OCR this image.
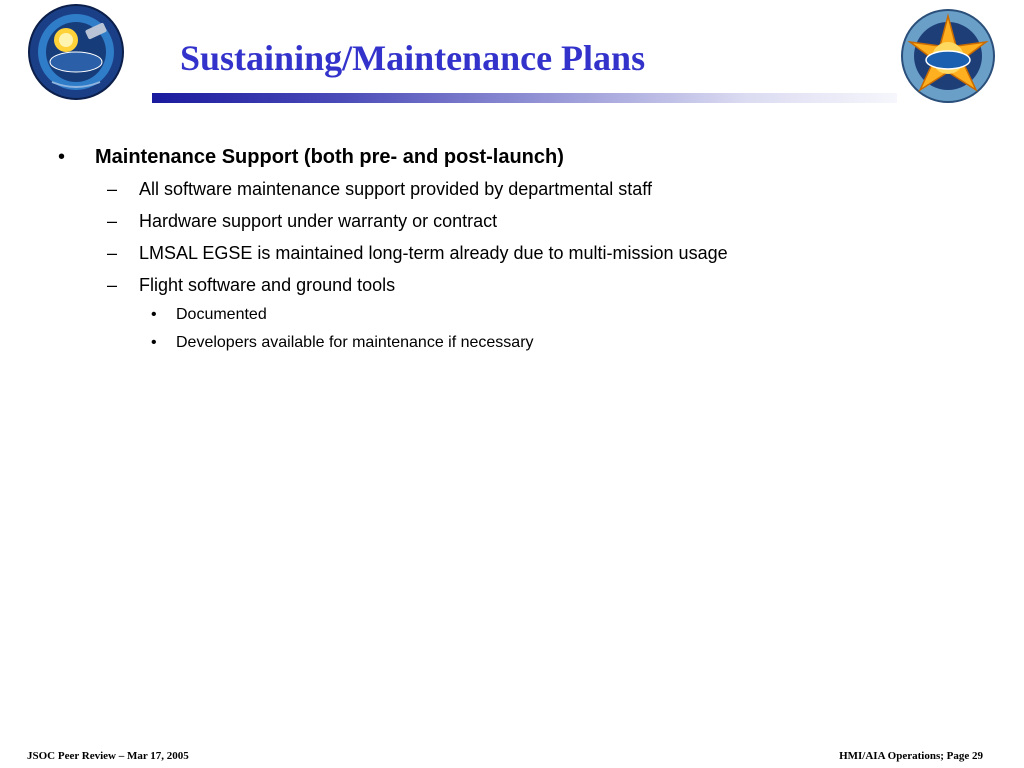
Sustaining/Maintenance Plans
• Maintenance Support (both pre- and post-launch)
– All software maintenance support provided by departmental staff
– Hardware support under warranty or contract
– LMSAL EGSE is maintained long-term already due to multi-mission usage
– Flight software and ground tools
• Documented
• Developers available for maintenance if necessary
JSOC Peer Review – Mar 17, 2005	HMI/AIA Operations; Page 29
